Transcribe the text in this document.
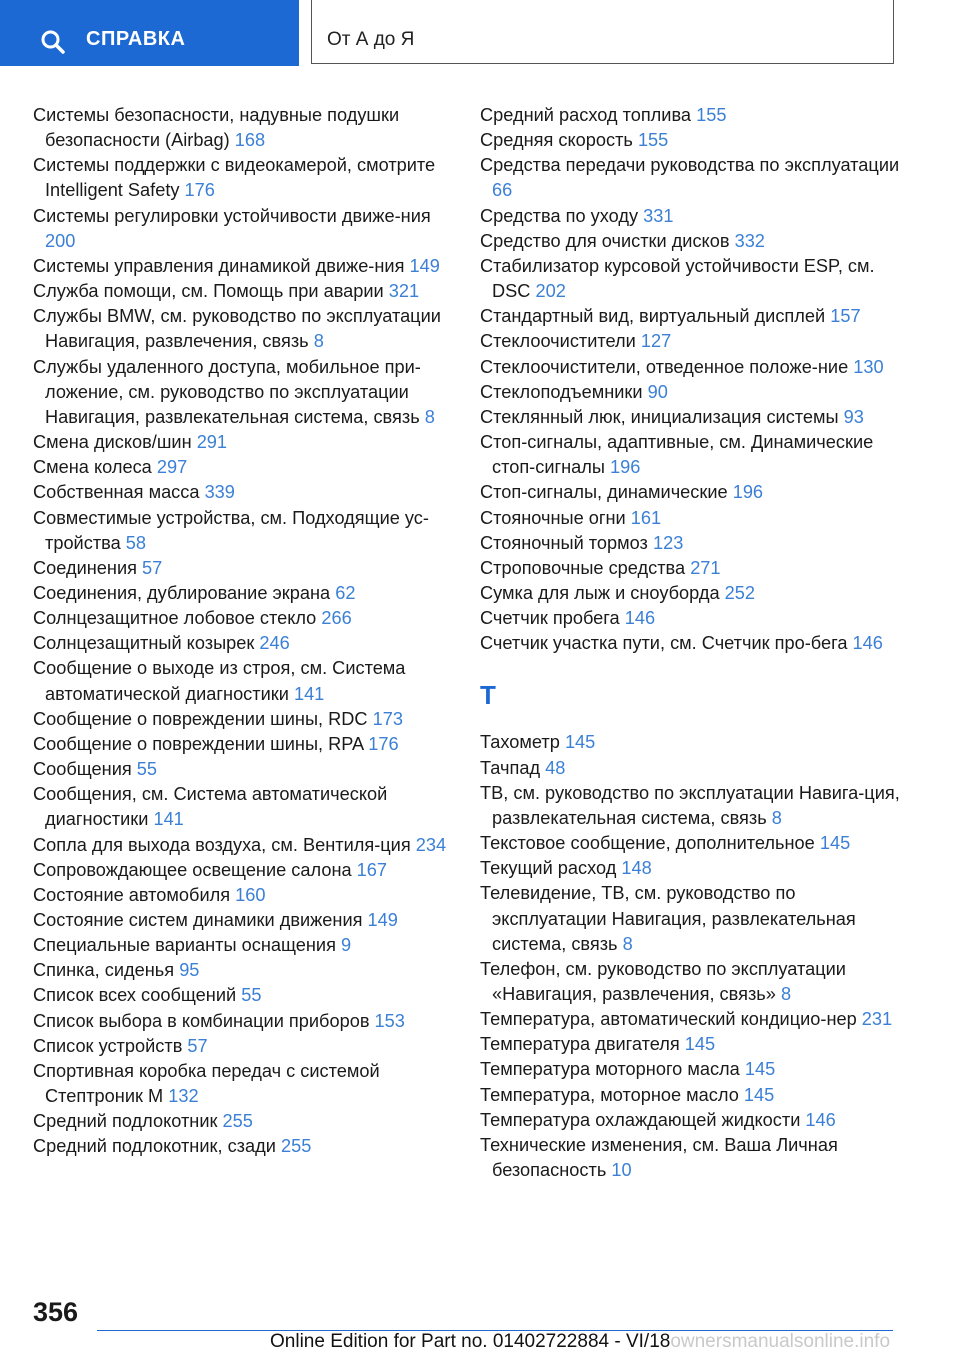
СПРАВКА	От А до Я

Системы безопасности, надувные подушки безопасности (Airbag) 168

Системы поддержки с видеокамерой, смотрите Intelligent Safety 176

Системы регулировки устойчивости движе-ния 200

Системы управления динамикой движе-ния 149

Служба помощи, см. Помощь при аварии 321

Службы BMW, см. руководство по эксплуатации Навигация, развлечения, связь 8

Службы удаленного доступа, мобильное при-ложение, см. руководство по эксплуатации Навигация, развлекательная система, связь 8

Смена дисков/шин 291

Смена колеса 297

Собственная масса 339

Совместимые устройства, см. Подходящие ус-тройства 58

Соединения 57

Соединения, дублирование экрана 62

Солнцезащитное лобовое стекло 266

Солнцезащитный козырек 246

Сообщение о выходе из строя, см. Система автоматической диагностики 141

Сообщение о повреждении шины, RDC 173

Сообщение о повреждении шины, RPA 176

Сообщения 55

Сообщения, см. Система автоматической диагностики 141

Сопла для выхода воздуха, см. Вентиля-ция 234

Сопровождающее освещение салона 167

Состояние автомобиля 160

Состояние систем динамики движения 149

Специальные варианты оснащения 9

Спинка, сиденья 95

Список всех сообщений 55

Список выбора в комбинации приборов 153

Список устройств 57

Спортивная коробка передач с системой Стептроник M 132

Средний подлокотник 255

Средний подлокотник, сзади 255

Средний расход топлива 155

Средняя скорость 155

Средства передачи руководства по эксплуатации 66

Средства по уходу 331

Средство для очистки дисков 332

Стабилизатор курсовой устойчивости ESP, см. DSC 202

Стандартный вид, виртуальный дисплей 157

Стеклоочистители 127

Стеклоочистители, отведенное положе-ние 130

Стеклоподъемники 90

Стеклянный люк, инициализация системы 93

Стоп-сигналы, адаптивные, см. Динамические стоп-сигналы 196

Стоп-сигналы, динамические 196

Стояночные огни 161

Стояночный тормоз 123

Строповочные средства 271

Сумка для лыж и сноуборда 252

Счетчик пробега 146

Счетчик участка пути, см. Счетчик про-бега 146

Т

Тахометр 145

Тачпад 48

ТВ, см. руководство по эксплуатации Навига-ция, развлекательная система, связь 8

Текстовое сообщение, дополнительное 145

Текущий расход 148

Телевидение, ТВ, см. руководство по эксплуатации Навигация, развлекательная система, связь 8

Телефон, см. руководство по эксплуатации «Навигация, развлечения, связь» 8

Температура, автоматический кондицио-нер 231

Температура двигателя 145

Температура моторного масла 145

Температура, моторное масло 145

Температура охлаждающей жидкости 146

Технические изменения, см. Ваша Личная безопасность 10

356
Online Edition for Part no. 01402722884 - VI/18ownersmanualsonline.info
